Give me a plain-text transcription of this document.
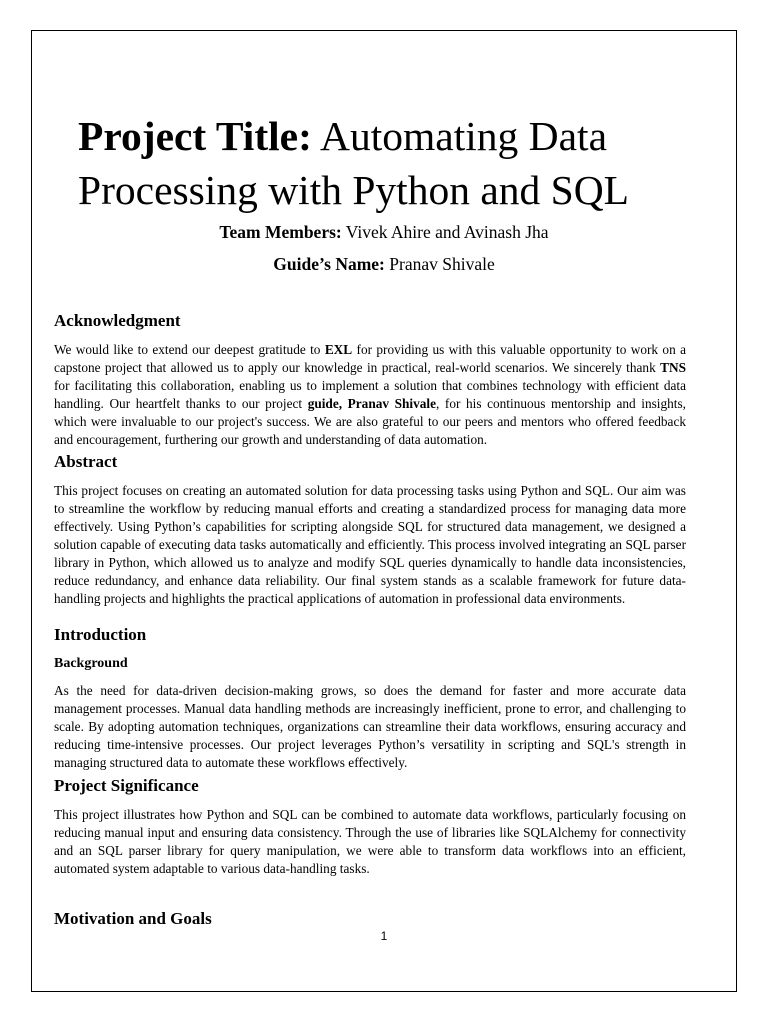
Project Title: Automating Data Processing with Python and SQL

Team Members: Vivek Ahire and Avinash Jha

Guide’s Name: Pranav Shivale

Acknowledgment

We would like to extend our deepest gratitude to EXL for providing us with this valuable opportunity to work on a capstone project that allowed us to apply our knowledge in practical, real-world scenarios. We sincerely thank TNS for facilitating this collaboration, enabling us to implement a solution that combines technology with efficient data handling. Our heartfelt thanks to our project guide, Pranav Shivale, for his continuous mentorship and insights, which were invaluable to our project's success. We are also grateful to our peers and mentors who offered feedback and encouragement, furthering our growth and understanding of data automation.

Abstract

This project focuses on creating an automated solution for data processing tasks using Python and SQL. Our aim was to streamline the workflow by reducing manual efforts and creating a standardized process for managing data more effectively. Using Python’s capabilities for scripting alongside SQL for structured data management, we designed a solution capable of executing data tasks automatically and efficiently. This process involved integrating an SQL parser library in Python, which allowed us to analyze and modify SQL queries dynamically to handle data inconsistencies, reduce redundancy, and enhance data reliability. Our final system stands as a scalable framework for future data-handling projects and highlights the practical applications of automation in professional data environments.

Introduction
Background

As the need for data-driven decision-making grows, so does the demand for faster and more accurate data management processes. Manual data handling methods are increasingly inefficient, prone to error, and challenging to scale. By adopting automation techniques, organizations can streamline their data workflows, ensuring accuracy and reducing time-intensive processes. Our project leverages Python’s versatility in scripting and SQL's strength in managing structured data to automate these workflows effectively.

Project Significance

This project illustrates how Python and SQL can be combined to automate data workflows, particularly focusing on reducing manual input and ensuring data consistency. Through the use of libraries like SQLAlchemy for connectivity and an SQL parser library for query manipulation, we were able to transform data workflows into an efficient, automated system adaptable to various data-handling tasks.

Motivation and Goals
1
